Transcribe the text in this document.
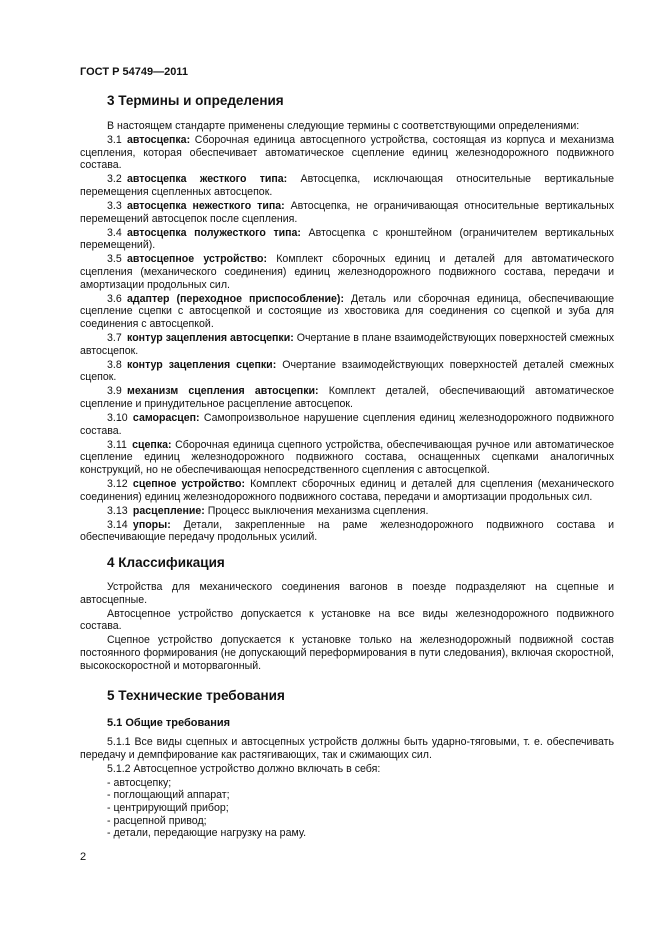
ГОСТ Р 54749—2011
3 Термины и определения

В настоящем стандарте применены следующие термины с соответствующими определениями:

3.1  автосцепка: Сборочная единица автосцепного устройства, состоящая из корпуса и механизма сцепления, которая обеспечивает автоматическое сцепление единиц железнодорожного подвижного состава.

3.2  автосцепка жесткого типа: Автосцепка, исключающая относительные вертикальные перемещения сцепленных автосцепок.

3.3  автосцепка нежесткого типа: Автосцепка, не ограничивающая относительные вертикальных перемещений автосцепок после сцепления.

3.4  автосцепка полужесткого типа: Автосцепка с кронштейном (ограничителем вертикальных перемещений).

3.5  автосцепное устройство: Комплект сборочных единиц и деталей для автоматического сцепления (механического соединения) единиц железнодорожного подвижного состава, передачи и амортизации продольных сил.

3.6  адаптер (переходное приспособление): Деталь или сборочная единица, обеспечивающие сцепление сцепки с автосцепкой и состоящие из хвостовика для соединения со сцепкой и зуба для соединения с автосцепкой.

3.7  контур зацепления автосцепки: Очертание в плане взаимодействующих поверхностей смежных автосцепок.

3.8  контур зацепления сцепки: Очертание взаимодействующих поверхностей деталей смежных сцепок.

3.9  механизм сцепления автосцепки: Комплект деталей, обеспечивающий автоматическое сцепление и принудительное расцепление автосцепок.

3.10  саморасцеп: Самопроизвольное нарушение сцепления единиц железнодорожного подвижного состава.

3.11  сцепка: Сборочная единица сцепного устройства, обеспечивающая ручное или автоматическое сцепление единиц железнодорожного подвижного состава, оснащенных сцепками аналогичных конструкций, но не обеспечивающая непосредственного сцепления с автосцепкой.

3.12  сцепное устройство: Комплект сборочных единиц и деталей для сцепления (механического соединения) единиц железнодорожного подвижного состава, передачи и амортизации продольных сил.

3.13  расцепление: Процесс выключения механизма сцепления.

3.14  упоры: Детали, закрепленные на раме железнодорожного подвижного состава и обеспечивающие передачу продольных усилий.

4 Классификация

Устройства для механического соединения вагонов в поезде подразделяют на сцепные и автосцепные.

Автосцепное устройство допускается к установке на все виды железнодорожного подвижного состава.

Сцепное устройство допускается к установке только на железнодорожный подвижной состав постоянного формирования (не допускающий переформирования в пути следования), включая скоростной, высокоскоростной и моторвагонный.

5 Технические требования
5.1 Общие требования

5.1.1 Все виды сцепных и автосцепных устройств должны быть ударно-тяговыми, т. е. обеспечивать передачу и демпфирование как растягивающих, так и сжимающих сил.

5.1.2 Автосцепное устройство должно включать в себя:

- автосцепку;
- поглощающий аппарат;
- центрирующий прибор;
- расцепной привод;
- детали, передающие нагрузку на раму.
2
